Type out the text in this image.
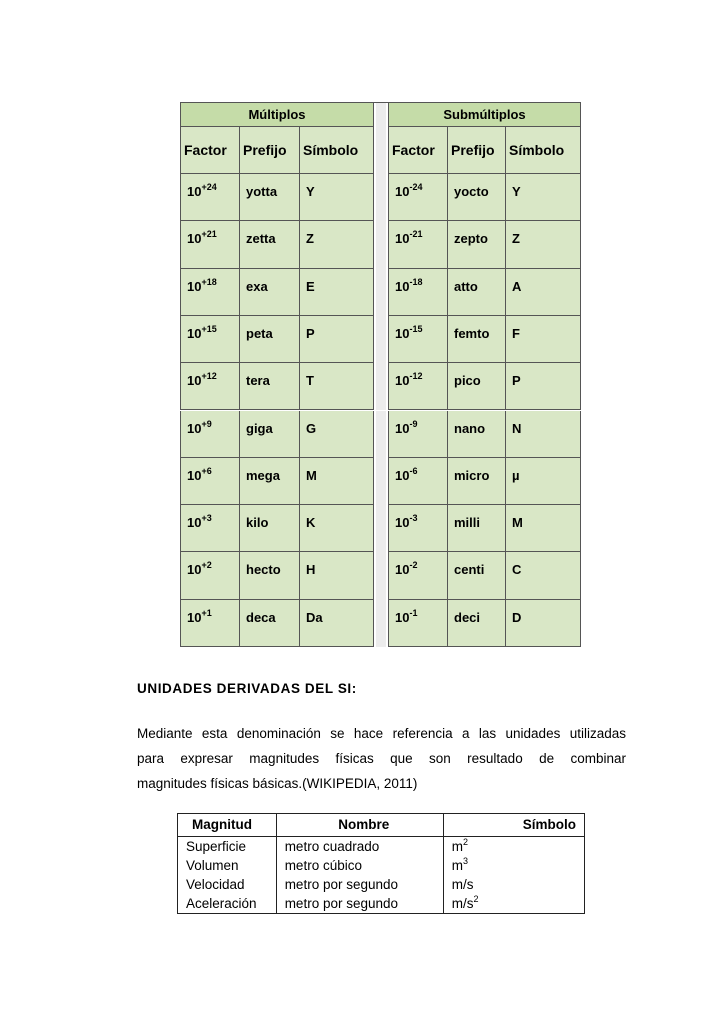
Múltiplos	Submúltiplos
Factor	Prefijo	Símbolo	Factor	Prefijo	Símbolo
$10^{+24}$	yotta	Y	$10^{-24}$	yocto	Y
$10^{+21}$	zetta	Z	$10^{-21}$	zepto	Z
$10^{+18}$	exa	E	$10^{-18}$	atto	A
$10^{+15}$	peta	P	$10^{-15}$	femto	F
$10^{+12}$	tera	T	$10^{-12}$	pico	P
$10^{+9}$	giga	G	$10^{-9}$	nano	N
$10^{+6}$	mega	M	$10^{-6}$	micro	µ
$10^{+3}$	kilo	K	$10^{-3}$	milli	M
$10^{+2}$	hecto	H	$10^{-2}$	centi	C
$10^{+1}$	deca	Da	$10^{-1}$	deci	D
UNIDADES DERIVADAS DEL SI:
Mediante esta denominación se hace referencia a las unidades utilizadas
para expresar magnitudes físicas que son resultado de combinar
magnitudes físicas básicas.(WIKIPEDIA, 2011)
Magnitud	Nombre	Símbolo
Superficie	metro cuadrado	$m^2$
Volumen	metro cúbico	$m^3$
Velocidad	metro por segundo	m/s
Aceleración	metro por segundo	$m/s^2$
